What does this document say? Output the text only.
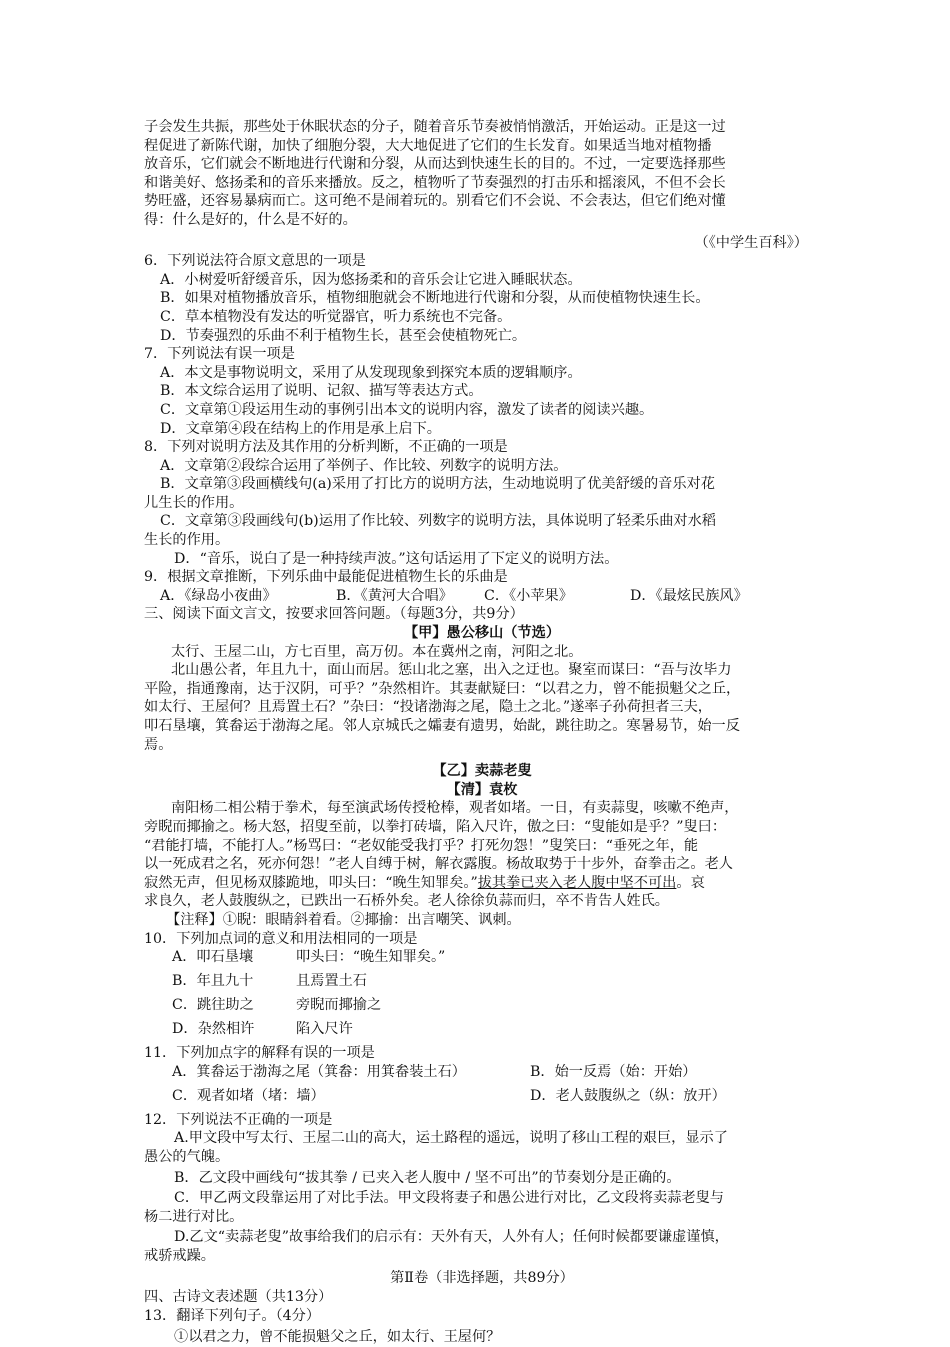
子会发生共振，那些处于休眠状态的分子，随着音乐节奏被悄悄激活，开始运动。正是这一过

程促进了新陈代谢，加快了细胞分裂，大大地促进了它们的生长发育。如果适当地对植物播

放音乐，它们就会不断地进行代谢和分裂，从而达到快速生长的目的。不过，一定要选择那些

和谐美好、悠扬柔和的音乐来播放。反之，植物听了节奏强烈的打击乐和摇滚风，不但不会长

势旺盛，还容易暴病而亡。这可绝不是闹着玩的。别看它们不会说、不会表达，但它们绝对懂

得：什么是好的，什么是不好的。

（《中学生百科》）

6．下列说法符合原文意思的一项是

A．小树爱听舒缓音乐，因为悠扬柔和的音乐会让它进入睡眠状态。

B．如果对植物播放音乐，植物细胞就会不断地进行代谢和分裂，从而使植物快速生长。

C．草本植物没有发达的听觉器官，听力系统也不完备。

D．节奏强烈的乐曲不利于植物生长，甚至会使植物死亡。

7．下列说法有误一项是

A．本文是事物说明文，采用了从发现现象到探究本质的逻辑顺序。

B．本文综合运用了说明、记叙、描写等表达方式。

C．文章第①段运用生动的事例引出本文的说明内容，激发了读者的阅读兴趣。

D．文章第④段在结构上的作用是承上启下。

8．下列对说明方法及其作用的分析判断，不正确的一项是

A．文章第②段综合运用了举例子、作比较、列数字的说明方法。

B．文章第③段画横线句(a)采用了打比方的说明方法，生动地说明了优美舒缓的音乐对花

儿生长的作用。

C．文章第③段画线句(b)运用了作比较、列数字的说明方法，具体说明了轻柔乐曲对水稻

生长的作用。

D．“音乐，说白了是一种持续声波。”这句话运用了下定义的说明方法。

9．根据文章推断，下列乐曲中最能促进植物生长的乐曲是

A．《绿岛小夜曲》	B．《黄河大合唱》	C．《小苹果》	D．《最炫民族风》

三、阅读下面文言文，按要求回答问题。（每题3分，共9分）

【甲】愚公移山（节选）

太行、王屋二山，方七百里，高万仞。本在冀州之南，河阳之北。

北山愚公者，年且九十，面山而居。惩山北之塞，出入之迂也。聚室而谋曰：“吾与汝毕力

平险，指通豫南，达于汉阴，可乎？”杂然相许。其妻献疑曰：“以君之力，曾不能损魁父之丘，

如太行、王屋何？且焉置土石？”杂曰：“投诸渤海之尾，隐土之北。”遂率子孙荷担者三夫，

叩石垦壤，箕畚运于渤海之尾。邻人京城氏之孀妻有遗男，始龀，跳往助之。寒暑易节，始一反

焉。

【乙】卖蒜老叟

【清】袁枚

南阳杨二相公精于拳术，每至演武场传授枪棒，观者如堵。一日，有卖蒜叟，咳嗽不绝声，

旁睨而揶揄之。杨大怒，招叟至前，以拳打砖墙，陷入尺许，傲之曰：“叟能如是乎？”叟曰：

“君能打墙，不能打人。”杨骂曰：“老奴能受我打乎？打死勿怨！”叟笑曰：“垂死之年，能

以一死成君之名，死亦何怨！”老人自缚于树，解衣露腹。杨故取势于十步外，奋拳击之。老人

寂然无声，但见杨双膝跪地，叩头曰：“晚生知罪矣。”拔其拳已夹入老人腹中坚不可出。哀

求良久，老人鼓腹纵之，已跌出一石桥外矣。老人徐徐负蒜而归，卒不肯告人姓氏。

【注释】①睨：眼睛斜着看。②揶揄：出言嘲笑、讽刺。

10．下列加点词的意义和用法相同的一项是

A．叩石垦壤	叩头曰：“晚生知罪矣。”
B．年且九十	且焉置土石
C．跳往助之	旁睨而揶揄之
D．杂然相许	陷入尺许

11．下列加点字的解释有误的一项是

A．箕畚运于渤海之尾（箕畚：用箕畚装土石）	B．始一反焉（始：开始）
C．观者如堵（堵：墙）	D．老人鼓腹纵之（纵：放开）

12．下列说法不正确的一项是

A.甲文段中写太行、王屋二山的高大，运土路程的遥远，说明了移山工程的艰巨，显示了

愚公的气魄。

B．乙文段中画线句“拔其拳 / 已夹入老人腹中 / 坚不可出”的节奏划分是正确的。

C．甲乙两文段靠运用了对比手法。甲文段将妻子和愚公进行对比，乙文段将卖蒜老叟与

杨二进行对比。

D.乙文“卖蒜老叟”故事给我们的启示有：天外有天，人外有人；任何时候都要谦虚谨慎，

戒骄戒躁。

第Ⅱ卷（非选择题，共89分）

四、古诗文表述题（共13分）

13．翻译下列句子。（4分）

①以君之力，曾不能损魁父之丘，如太行、王屋何？
